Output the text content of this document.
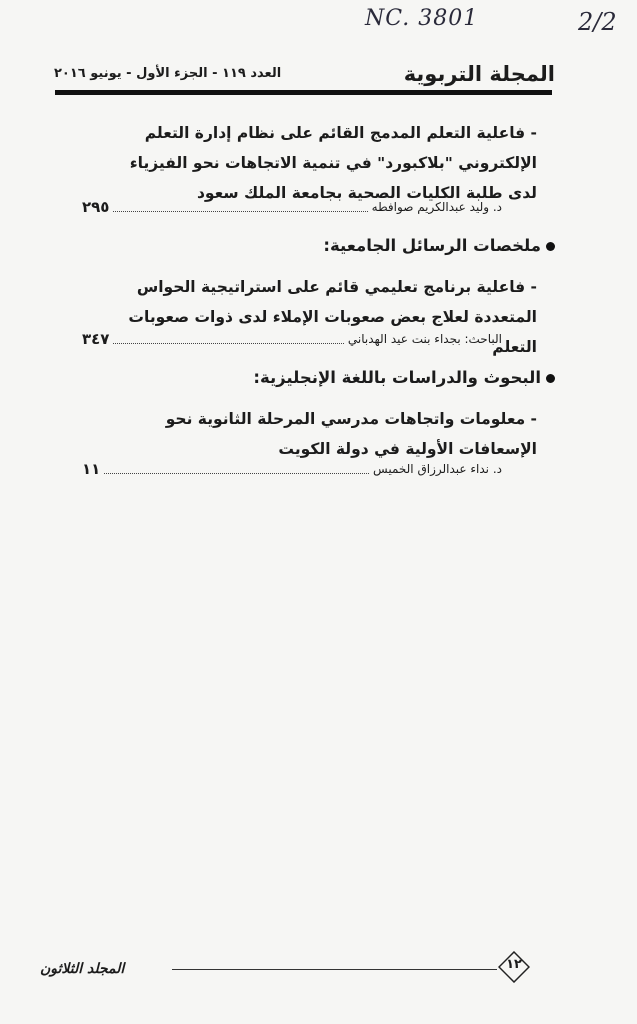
NC. 3801	2/2
المجلة التربوية
العدد ١١٩ - الجزء الأول - يونيو ٢٠١٦
- فاعلية التعلم المدمج القائم على نظام إدارة التعلم الإلكتروني "بلاكبورد" في تنمية الاتجاهات نحو الفيزياء لدى طلبة الكليات الصحية بجامعة الملك سعود
د. وليد عبدالكريم صوافطه
٢٩٥
ملخصات الرسائل الجامعية:
- فاعلية برنامج تعليمي قائم على استراتيجية الحواس المتعددة لعلاج بعض صعوبات الإملاء لدى ذوات صعوبات التعلم
الباحث: بجداء بنت عيد الهدباني
٣٤٧
البحوث والدراسات باللغة الإنجليزية:
- معلومات واتجاهات مدرسي المرحلة الثانوية نحو الإسعافات الأولية في دولة الكويت
د. نداء عبدالرزاق الخميس
١١
١٢
المجلد الثلاثون
